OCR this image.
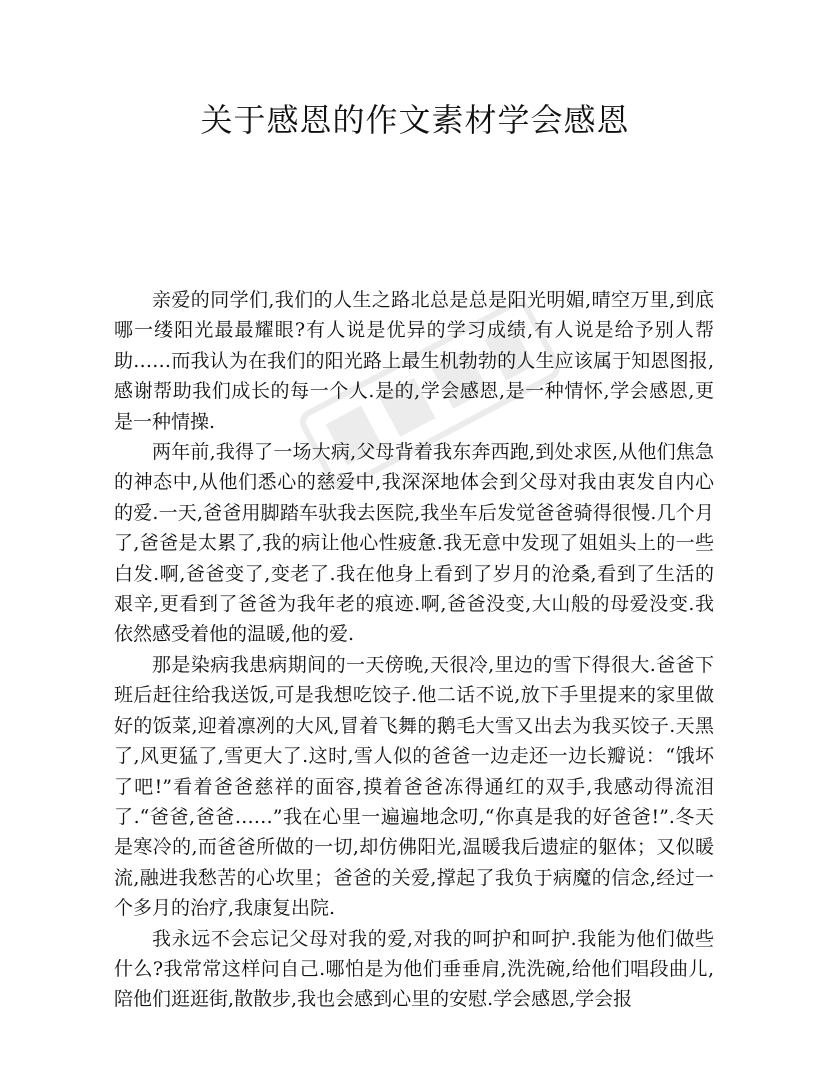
关于感恩的作文素材学会感恩

亲爱的同学们,我们的人生之路北总是总是阳光明媚,晴空万里,到底哪一缕阳光最最耀眼?有人说是优异的学习成绩,有人说是给予别人帮助……而我认为在我们的阳光路上最生机勃勃的人生应该属于知恩图报,感谢帮助我们成长的每一个人.是的,学会感恩,是一种情怀,学会感恩,更是一种情操.

两年前,我得了一场大病,父母背着我东奔西跑,到处求医,从他们焦急的神态中,从他们悉心的慈爱中,我深深地体会到父母对我由衷发自内心的爱.一天,爸爸用脚踏车驮我去医院,我坐车后发觉爸爸骑得很慢.几个月了,爸爸是太累了,我的病让他心性疲惫.我无意中发现了姐姐头上的一些白发.啊,爸爸变了,变老了.我在他身上看到了岁月的沧桑,看到了生活的艰辛,更看到了爸爸为我年老的痕迹.啊,爸爸没变,大山般的母爱没变.我依然感受着他的温暖,他的爱.

那是染病我患病期间的一天傍晚,天很冷,里边的雪下得很大.爸爸下班后赶往给我送饭,可是我想吃饺子.他二话不说,放下手里提来的家里做好的饭菜,迎着凛冽的大风,冒着飞舞的鹅毛大雪又出去为我买饺子.天黑了,风更猛了,雪更大了.这时,雪人似的爸爸一边走还一边长瓣说：“饿坏了吧!”看着爸爸慈祥的面容,摸着爸爸冻得通红的双手,我感动得流泪了.“爸爸,爸爸……”我在心里一遍遍地念叨,“你真是我的好爸爸!”.冬天是寒冷的,而爸爸所做的一切,却仿佛阳光,温暖我后遗症的躯体；又似暖流,融进我愁苦的心坎里；爸爸的关爱,撑起了我负于病魔的信念,经过一个多月的治疗,我康复出院.

我永远不会忘记父母对我的爱,对我的呵护和呵护.我能为他们做些什么?我常常这样问自己.哪怕是为他们垂垂肩,洗洗碗,给他们唱段曲儿,陪他们逛逛街,散散步,我也会感到心里的安慰.学会感恩,学会报
